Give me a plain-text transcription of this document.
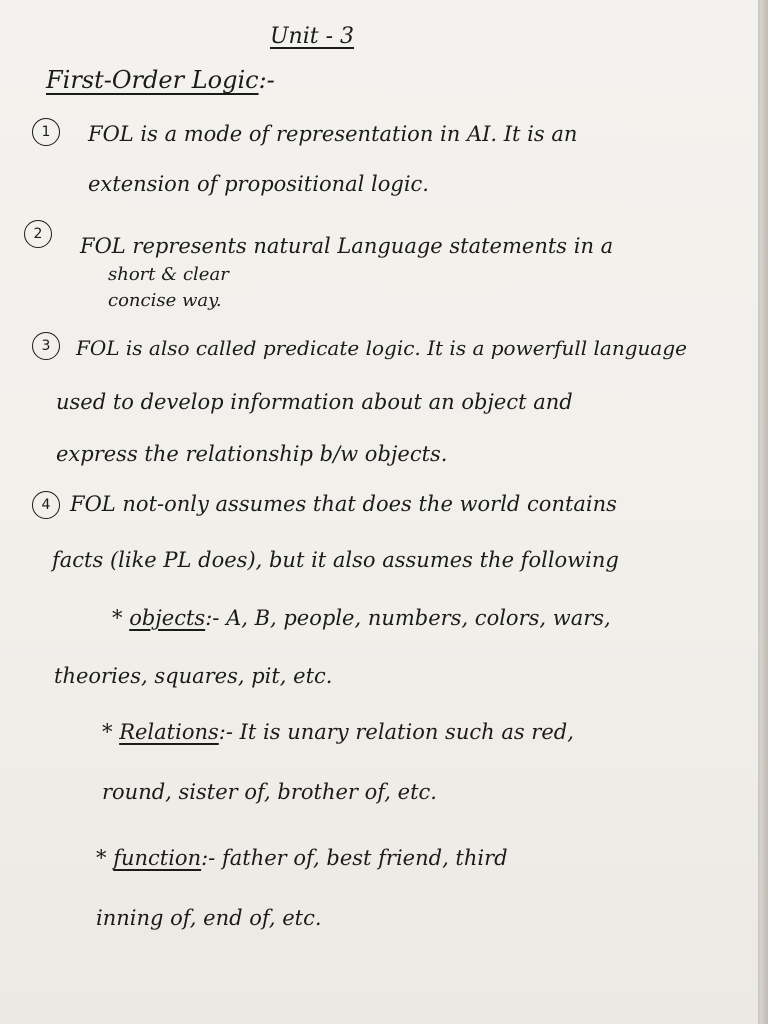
Unit - 3

First-Order Logic:-

1	FOL is a mode of representation in AI. It is an

extension of propositional logic.

2	FOL represents natural Language statements in a

short & clear

concise way.

3	FOL is also called predicate logic. It is a powerfull language

used to develop information about an object and

express the relationship b/w objects.

4 FOL not-only assumes that does the world contains

facts (like PL does), but it also assumes the following

* objects:- A, B, people, numbers, colors, wars,

theories, squares, pit, etc.

* Relations:- It is unary relation such as red,

round, sister of, brother of, etc.

* function:- father of, best friend, third

inning of, end of, etc.
